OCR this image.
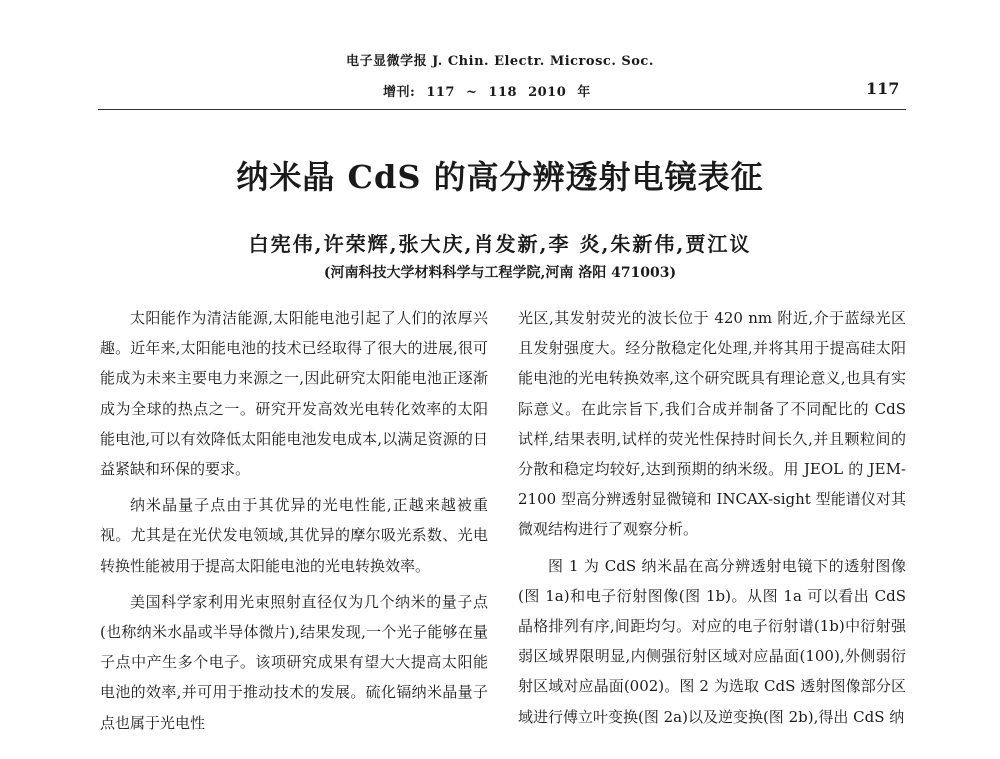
电子显微学报 J. Chin. Electr. Microsc. Soc.
增刊: 117 ~ 118 2010 年	117
纳米晶 CdS 的高分辨透射电镜表征
白宪伟,许荣辉,张大庆,肖发新,李 炎,朱新伟,贾江议
(河南科技大学材料科学与工程学院,河南 洛阳 471003)

太阳能作为清洁能源,太阳能电池引起了人们的浓厚兴趣。近年来,太阳能电池的技术已经取得了很大的进展,很可能成为未来主要电力来源之一,因此研究太阳能电池正逐渐成为全球的热点之一。研究开发高效光电转化效率的太阳能电池,可以有效降低太阳能电池发电成本,以满足资源的日益紧缺和环保的要求。

纳米晶量子点由于其优异的光电性能,正越来越被重视。尤其是在光伏发电领域,其优异的摩尔吸光系数、光电转换性能被用于提高太阳能电池的光电转换效率。

美国科学家利用光束照射直径仅为几个纳米的量子点(也称纳米水晶或半导体微片),结果发现,一个光子能够在量子点中产生多个电子。该项研究成果有望大大提高太阳能电池的效率,并可用于推动技术的发展。硫化镉纳米晶量子点也属于光电性

光区,其发射荧光的波长位于 420 nm 附近,介于蓝绿光区且发射强度大。经分散稳定化处理,并将其用于提高硅太阳能电池的光电转换效率,这个研究既具有理论意义,也具有实际意义。在此宗旨下,我们合成并制备了不同配比的 CdS 试样,结果表明,试样的荧光性保持时间长久,并且颗粒间的分散和稳定均较好,达到预期的纳米级。用 JEOL 的 JEM-2100 型高分辨透射显微镜和 INCAX-sight 型能谱仪对其微观结构进行了观察分析。

图 1 为 CdS 纳米晶在高分辨透射电镜下的透射图像(图 1a)和电子衍射图像(图 1b)。从图 1a 可以看出 CdS 晶格排列有序,间距均匀。对应的电子衍射谱(1b)中衍射强弱区域界限明显,内侧强衍射区域对应晶面(100),外侧弱衍射区域对应晶面(002)。图 2 为选取 CdS 透射图像部分区域进行傅立叶变换(图 2a)以及逆变换(图 2b),得出 CdS 纳
